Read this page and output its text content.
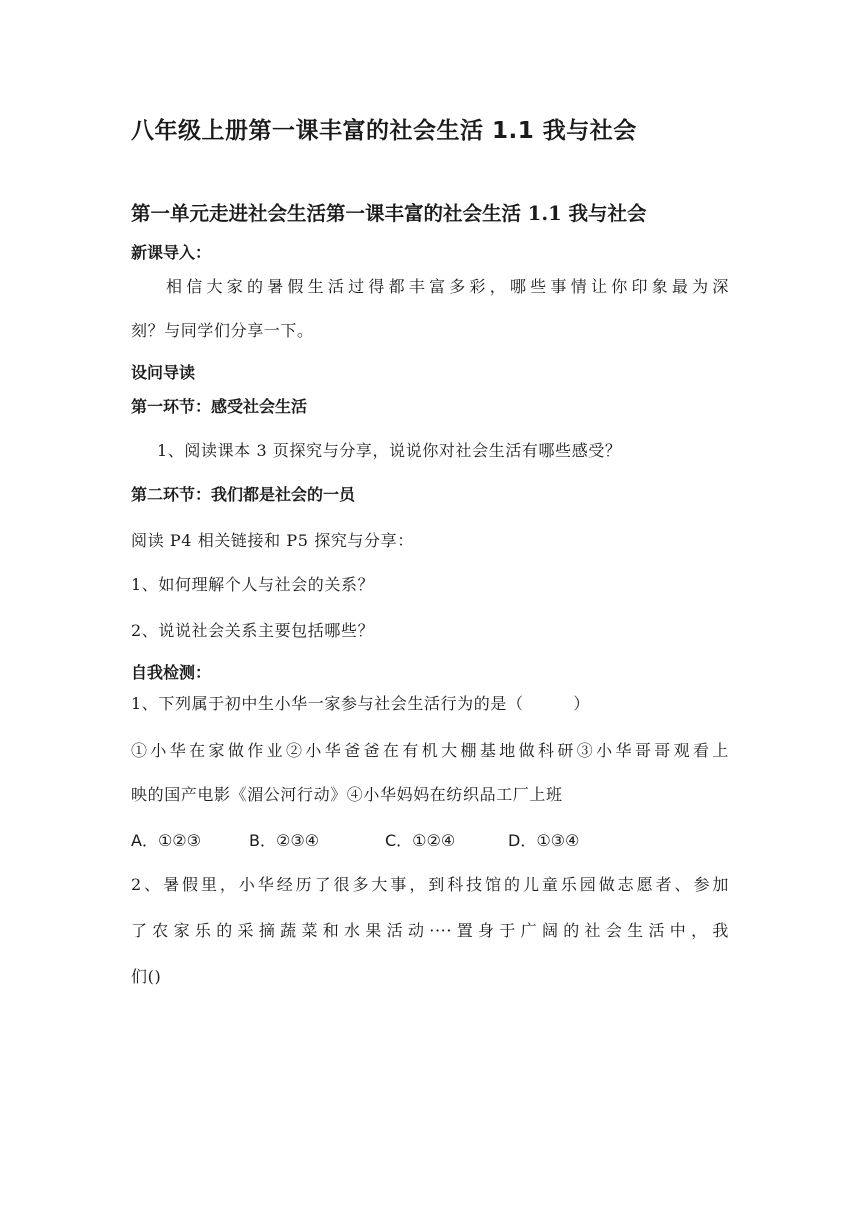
八年级上册第一课丰富的社会生活 1.1 我与社会
第一单元走进社会生活第一课丰富的社会生活 1.1 我与社会
新课导入：
相信大家的暑假生活过得都丰富多彩，哪些事情让你印象最为深
刻？与同学们分享一下。
设问导读
第一环节：感受社会生活
1、阅读课本 3 页探究与分享，说说你对社会生活有哪些感受？
第二环节：我们都是社会的一员
阅读 P4 相关链接和 P5 探究与分享：
1、如何理解个人与社会的关系？
2、说说社会关系主要包括哪些？
自我检测：
1、下列属于初中生小华一家参与社会生活行为的是（　　　）
①小华在家做作业②小华爸爸在有机大棚基地做科研③小华哥哥观看上
映的国产电影《湄公河行动》④小华妈妈在纺织品工厂上班
A．①②③	B．②③④	C．①②④	D．①③④
2、暑假里，小华经历了很多大事，到科技馆的儿童乐园做志愿者、参加
了农家乐的采摘蔬菜和水果活动····置身于广阔的社会生活中，我
们()
